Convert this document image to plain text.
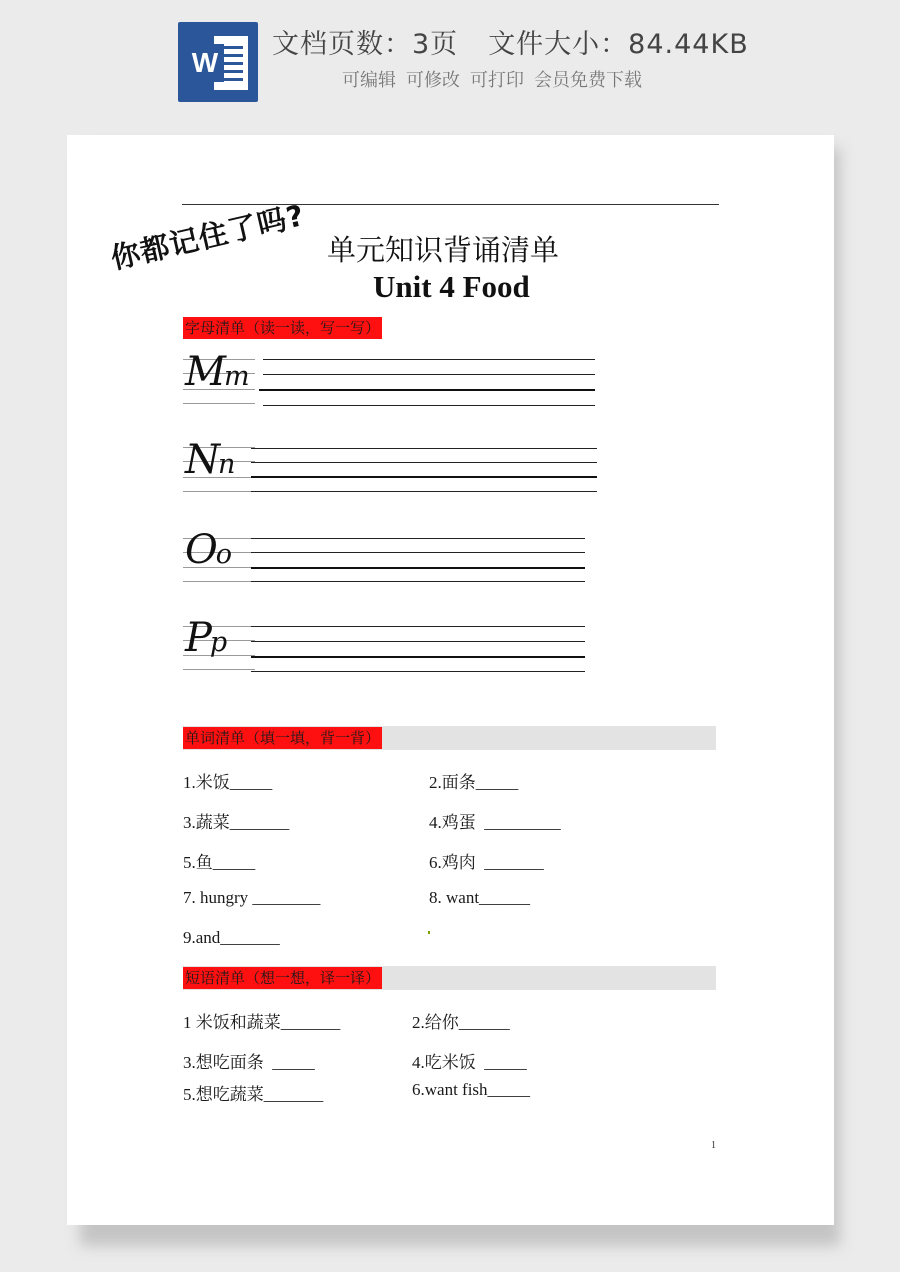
W
文档页数：3页 文件大小：84.44KB
可编辑 可修改 可打印 会员免费下载
你都记住了吗? 单元知识背诵清单
Unit 4 Food
字母清单（读一读，写一写）
Mm
Nn
Oo
Pp
单词清单（填一填，背一背）
1.米饭_____	2.面条_____
3.蔬菜_______	4.鸡蛋  _________
5.鱼_____	6.鸡肉  _______
7. hungry ________	8. want______
9.and_______
短语清单（想一想，译一译）
1 米饭和蔬菜_______	2.给你______
3.想吃面条  _____	4.吃米饭  _____
5.想吃蔬菜_______	6.want fish_____
1
